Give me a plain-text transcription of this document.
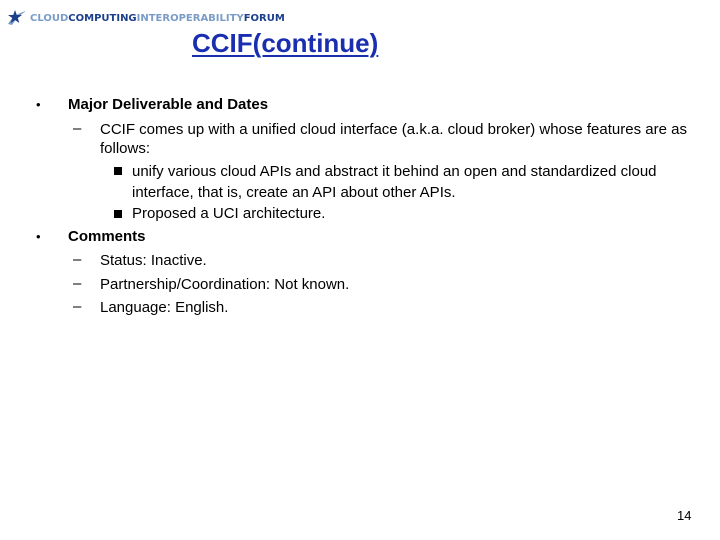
CLOUDCOMPUTINGINTEROPERABILITYFORUM
CCIF(continue)
• Major Deliverable and Dates
– CCIF comes up with a unified cloud interface (a.k.a. cloud broker) whose features are as follows:
unify various cloud APIs and abstract it behind an open and standardized cloud interface, that is, create an API about other APIs.
Proposed a UCI architecture.
• Comments
– Status: Inactive.
– Partnership/Coordination: Not known.
– Language: English.
14
